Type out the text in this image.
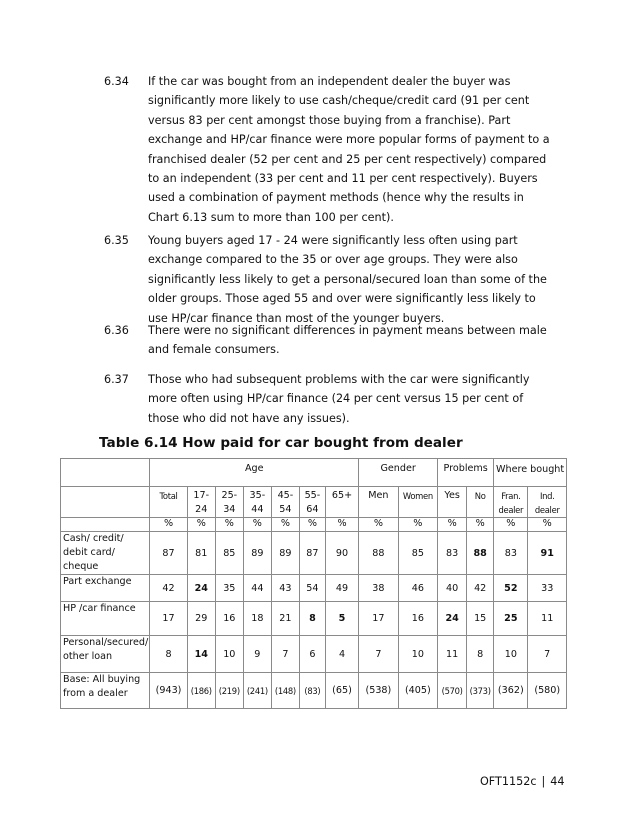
6.34 If the car was bought from an independent dealer the buyer was
significantly more likely to use cash/cheque/credit card (91 per cent
versus 83 per cent amongst those buying from a franchise). Part
exchange and HP/car finance were more popular forms of payment to a
franchised dealer (52 per cent and 25 per cent respectively) compared
to an independent (33 per cent and 11 per cent respectively). Buyers
used a combination of payment methods (hence why the results in
Chart 6.13 sum to more than 100 per cent).
6.35 Young buyers aged 17 - 24 were significantly less often using part
exchange compared to the 35 or over age groups. They were also
significantly less likely to get a personal/secured loan than some of the
older groups. Those aged 55 and over were significantly less likely to
use HP/car finance than most of the younger buyers.
6.36 There were no significant differences in payment means between male
and female consumers.
6.37 Those who had subsequent problems with the car were significantly
more often using HP/car finance (24 per cent versus 15 per cent of
those who did not have any issues).
Table 6.14 How paid for car bought from dealer
	Age							Gender		Problems		Where bought	
	Total	17-24	25-34	35-44	45-54	55-64	65+	Men	Women	Yes	No	Fran. dealer	Ind. dealer
	%	%	%	%	%	%	%	%	%	%	%	%	%
Cash/ credit/ debit card/ cheque	87	81	85	89	89	87	90	88	85	83	88	83	91
Part exchange	42	24	35	44	43	54	49	38	46	40	42	52	33
HP /car finance	17	29	16	18	21	8	5	17	16	24	15	25	11
Personal/secured/ other loan	8	14	10	9	7	6	4	7	10	11	8	10	7
Base: All buying from a dealer	(943)	(186)	(219)	(241)	(148)	(83)	(65)	(538)	(405)	(570)	(373)	(362)	(580)
OFT1152c | 44
